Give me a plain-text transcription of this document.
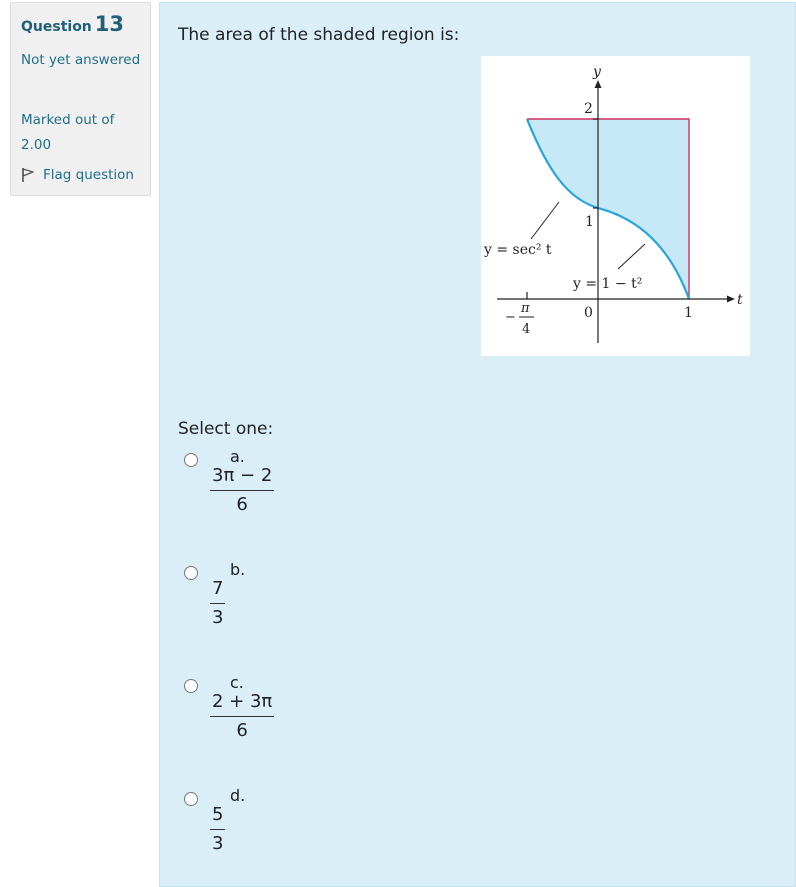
Question 13
Not yet answered
Marked out of 2.00
Flag question
The area of the shaded region is:
y
t
2
1
0	1
−
π
4
y = sec² t
y = 1 − t²
Select one:
a.
$\frac{3\pi - 2}{6}$
b.
$\frac{7}{3}$
c.
$\frac{2 + 3\pi}{6}$
d.
$\frac{5}{3}$
